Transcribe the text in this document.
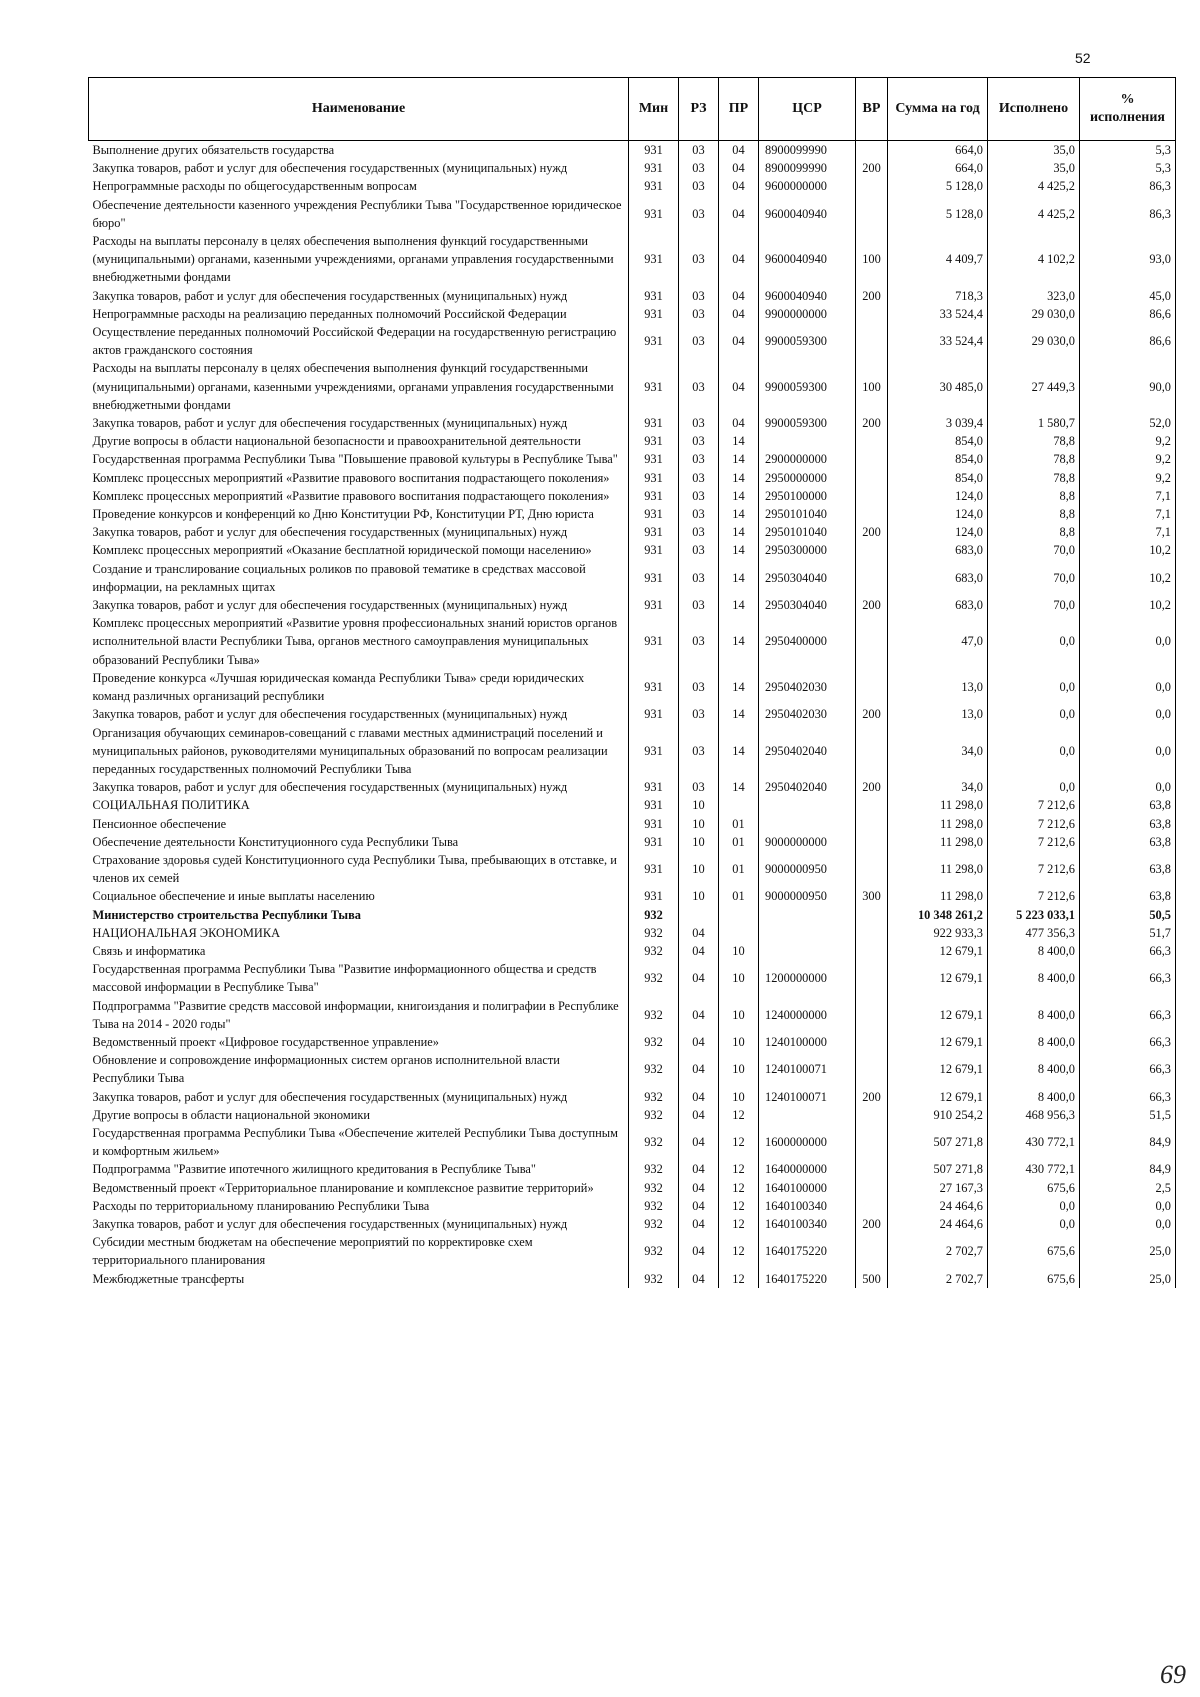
52
Наименование	Мин	РЗ	ПР	ЦСР	ВР	Сумма на год	Исполнено	% исполнения
Выполнение других обязательств государства	931	03	04	8900099990		664,0	35,0	5,3
Закупка товаров, работ и услуг для обеспечения государственных (муниципальных) нужд	931	03	04	8900099990	200	664,0	35,0	5,3
Непрограммные расходы по общегосударственным вопросам	931	03	04	9600000000		5 128,0	4 425,2	86,3
Обеспечение деятельности казенного учреждения Республики Тыва "Государственное юридическое бюро"	931	03	04	9600040940		5 128,0	4 425,2	86,3
Расходы на выплаты персоналу в целях обеспечения выполнения функций государственными (муниципальными) органами, казенными учреждениями, органами управления государственными внебюджетными фондами	931	03	04	9600040940	100	4 409,7	4 102,2	93,0
Закупка товаров, работ и услуг для обеспечения государственных (муниципальных) нужд	931	03	04	9600040940	200	718,3	323,0	45,0
Непрограммные расходы на реализацию переданных полномочий Российской Федерации	931	03	04	9900000000		33 524,4	29 030,0	86,6
Осуществление переданных полномочий Российской Федерации на государственную регистрацию актов гражданского состояния	931	03	04	9900059300		33 524,4	29 030,0	86,6
Расходы на выплаты персоналу в целях обеспечения выполнения функций государственными (муниципальными) органами, казенными учреждениями, органами управления государственными внебюджетными фондами	931	03	04	9900059300	100	30 485,0	27 449,3	90,0
Закупка товаров, работ и услуг для обеспечения государственных (муниципальных) нужд	931	03	04	9900059300	200	3 039,4	1 580,7	52,0
Другие вопросы в области национальной безопасности и правоохранительной деятельности	931	03	14			854,0	78,8	9,2
Государственная программа Республики Тыва "Повышение правовой культуры в Республике Тыва"	931	03	14	2900000000		854,0	78,8	9,2
Комплекс процессных мероприятий «Развитие правового воспитания подрастающего поколения»	931	03	14	2950000000		854,0	78,8	9,2
Комплекс процессных мероприятий «Развитие правового воспитания подрастающего поколения»	931	03	14	2950100000		124,0	8,8	7,1
Проведение конкурсов и конференций ко Дню Конституции РФ, Конституции РТ, Дню юриста	931	03	14	2950101040		124,0	8,8	7,1
Закупка товаров, работ и услуг для обеспечения государственных (муниципальных) нужд	931	03	14	2950101040	200	124,0	8,8	7,1
Комплекс процессных мероприятий «Оказание бесплатной юридической помощи населению»	931	03	14	2950300000		683,0	70,0	10,2
Создание и транслирование социальных роликов по правовой тематике в средствах массовой информации, на рекламных щитах	931	03	14	2950304040		683,0	70,0	10,2
Закупка товаров, работ и услуг для обеспечения государственных (муниципальных) нужд	931	03	14	2950304040	200	683,0	70,0	10,2
Комплекс процессных мероприятий «Развитие уровня профессиональных знаний юристов органов исполнительной власти Республики Тыва, органов местного самоуправления муниципальных образований Республики Тыва»	931	03	14	2950400000		47,0	0,0	0,0
Проведение конкурса «Лучшая юридическая команда Республики Тыва» среди юридических команд различных организаций республики	931	03	14	2950402030		13,0	0,0	0,0
Закупка товаров, работ и услуг для обеспечения государственных (муниципальных) нужд	931	03	14	2950402030	200	13,0	0,0	0,0
Организация обучающих семинаров-совещаний с главами местных администраций поселений и муниципальных районов, руководителями муниципальных образований по вопросам реализации переданных государственных полномочий Республики Тыва	931	03	14	2950402040		34,0	0,0	0,0
Закупка товаров, работ и услуг для обеспечения государственных (муниципальных) нужд	931	03	14	2950402040	200	34,0	0,0	0,0
СОЦИАЛЬНАЯ ПОЛИТИКА	931	10				11 298,0	7 212,6	63,8
Пенсионное обеспечение	931	10	01			11 298,0	7 212,6	63,8
Обеспечение деятельности Конституционного суда Республики Тыва	931	10	01	9000000000		11 298,0	7 212,6	63,8
Страхование здоровья судей Конституционного суда Республики Тыва, пребывающих в отставке, и членов их семей	931	10	01	9000000950		11 298,0	7 212,6	63,8
Социальное обеспечение и иные выплаты населению	931	10	01	9000000950	300	11 298,0	7 212,6	63,8
Министерство строительства Республики Тыва	932					10 348 261,2	5 223 033,1	50,5
НАЦИОНАЛЬНАЯ ЭКОНОМИКА	932	04				922 933,3	477 356,3	51,7
Связь и информатика	932	04	10			12 679,1	8 400,0	66,3
Государственная программа Республики Тыва "Развитие информационного общества и средств массовой информации в Республике Тыва"	932	04	10	1200000000		12 679,1	8 400,0	66,3
Подпрограмма "Развитие средств массовой информации, книгоиздания и полиграфии в Республике Тыва на 2014 - 2020 годы"	932	04	10	1240000000		12 679,1	8 400,0	66,3
Ведомственный проект «Цифровое государственное управление»	932	04	10	1240100000		12 679,1	8 400,0	66,3
Обновление и сопровождение информационных систем органов исполнительной власти Республики Тыва	932	04	10	1240100071		12 679,1	8 400,0	66,3
Закупка товаров, работ и услуг для обеспечения государственных (муниципальных) нужд	932	04	10	1240100071	200	12 679,1	8 400,0	66,3
Другие вопросы в области национальной экономики	932	04	12			910 254,2	468 956,3	51,5
Государственная программа Республики Тыва «Обеспечение жителей Республики Тыва доступным и комфортным жильем»	932	04	12	1600000000		507 271,8	430 772,1	84,9
Подпрограмма "Развитие ипотечного жилищного кредитования в Республике Тыва"	932	04	12	1640000000		507 271,8	430 772,1	84,9
Ведомственный проект «Территориальное планирование и комплексное развитие территорий»	932	04	12	1640100000		27 167,3	675,6	2,5
Расходы по территориальному планированию Республики Тыва	932	04	12	1640100340		24 464,6	0,0	0,0
Закупка товаров, работ и услуг для обеспечения государственных (муниципальных) нужд	932	04	12	1640100340	200	24 464,6	0,0	0,0
Субсидии местным бюджетам на обеспечение мероприятий по корректировке схем территориального планирования	932	04	12	1640175220		2 702,7	675,6	25,0
Межбюджетные трансферты	932	04	12	1640175220	500	2 702,7	675,6	25,0
69
